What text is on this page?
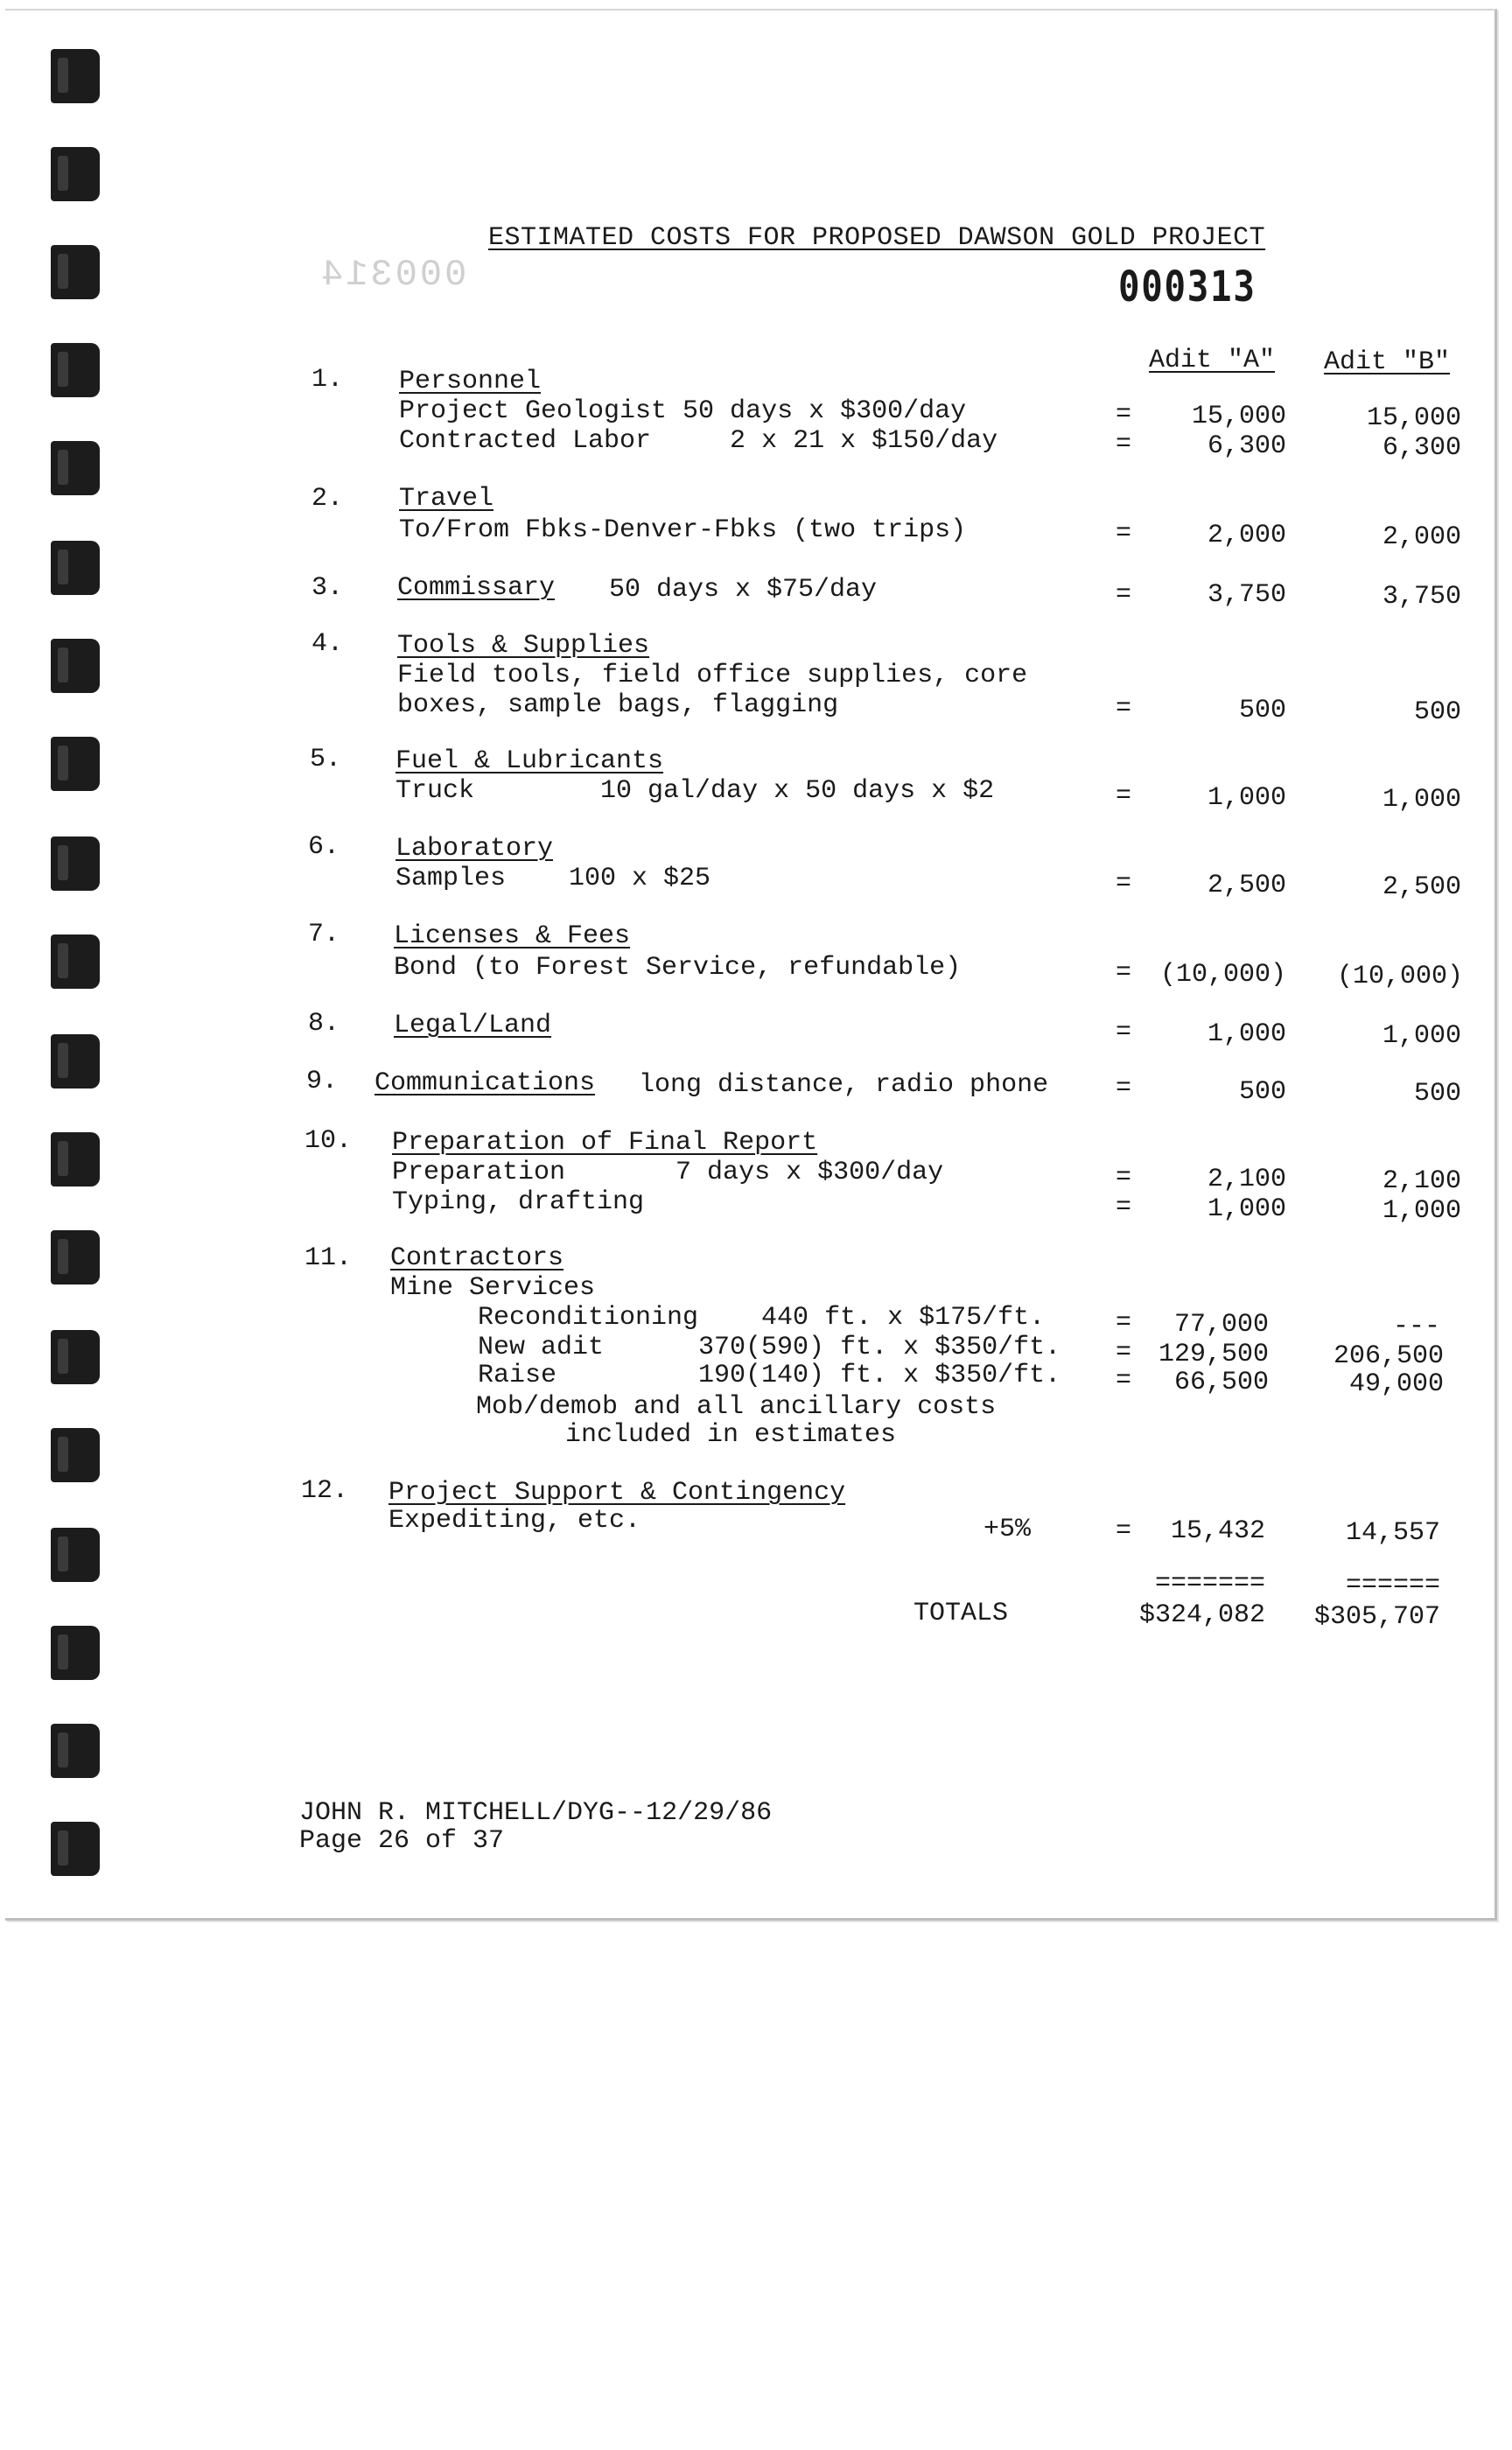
ESTIMATED COSTS FOR PROPOSED DAWSON GOLD PROJECT
000314	000313
Adit "A"	Adit "B"
1. Personnel
Project Geologist 50 days x $300/day	=	15,000	15,000
Contracted Labor     2 x 21 x $150/day	=	6,300	6,300
2. Travel
To/From Fbks-Denver-Fbks (two trips)	=	2,000	2,000
3. Commissary 50 days x $75/day	=	3,750	3,750
4. Tools & Supplies
Field tools, field office supplies, core
boxes, sample bags, flagging	=	500	500
5. Fuel & Lubricants
Truck        10 gal/day x 50 days x $2	=	1,000	1,000
6. Laboratory
Samples    100 x $25	=	2,500	2,500
7. Licenses & Fees
Bond (to Forest Service, refundable)	=	(10,000)	(10,000)
8. Legal/Land	=	1,000	1,000
9. Communications long distance, radio phone	=	500	500
10. Preparation of Final Report
Preparation       7 days x $300/day	=	2,100	2,100
Typing, drafting	=	1,000	1,000
11. Contractors
Mine Services
Reconditioning    440 ft. x $175/ft.	=	77,000	---
New adit      370(590) ft. x $350/ft. =	129,500	206,500
Raise         190(140) ft. x $350/ft. =	66,500	49,000
Mob/demob and all ancillary costs
included in estimates
12. Project Support & Contingency
Expediting, etc.	+5%	=	15,432	14,557
=======	======
TOTALS	$324,082	$305,707
JOHN R. MITCHELL/DYG--12/29/86
Page 26 of 37
